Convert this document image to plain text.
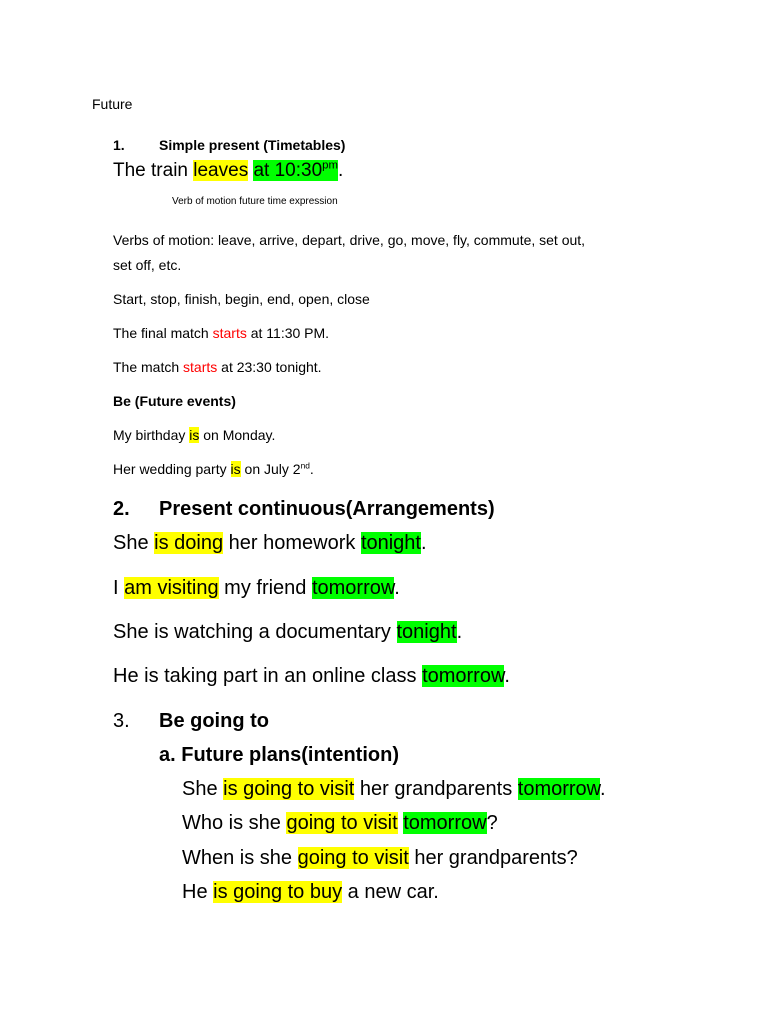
Future
1. Simple present (Timetables)
The train leaves at $10:30^{pm}$.
Verb of motion future time expression
Verbs of motion: leave, arrive, depart, drive, go, move, fly, commute, set out,
set off, etc.
Start, stop, finish, begin, end, open, close
The final match starts at 11:30 PM.
The match starts at 23:30 tonight.
Be (Future events)
My birthday is on Monday.
Her wedding party is on July 2nd.
2. Present continuous(Arrangements)
She is doing her homework tonight.
I am visiting my friend tomorrow.
She is watching a documentary tonight.
He is taking part in an online class tomorrow.
3. Be going to
a. Future plans(intention)
She is going to visit her grandparents tomorrow.
Who is she going to visit tomorrow?
When is she going to visit her grandparents?
He is going to buy a new car.
